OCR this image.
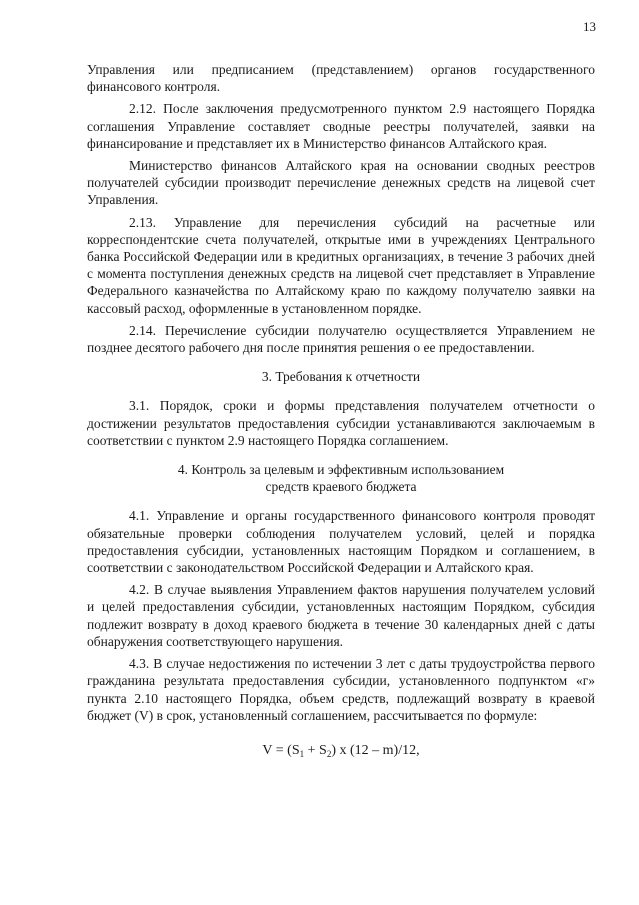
13

Управления или предписанием (представлением) органов государственного финансового контроля.

2.12. После заключения предусмотренного пунктом 2.9 настоящего Порядка соглашения Управление составляет сводные реестры получателей, заявки на финансирование и представляет их в Министерство финансов Алтайского края.

Министерство финансов Алтайского края на основании сводных реестров получателей субсидии производит перечисление денежных средств на лицевой счет Управления.

2.13. Управление для перечисления субсидий на расчетные или корреспондентские счета получателей, открытые ими в учреждениях Центрального банка Российской Федерации или в кредитных организациях, в течение 3 рабочих дней с момента поступления денежных средств на лицевой счет представляет в Управление Федерального казначейства по Алтайскому краю по каждому получателю заявки на кассовый расход, оформленные в установленном порядке.

2.14. Перечисление субсидии получателю осуществляется Управлением не позднее десятого рабочего дня после принятия решения о ее предоставлении.

3. Требования к отчетности

3.1. Порядок, сроки и формы представления получателем отчетности о достижении результатов предоставления субсидии устанавливаются заключаемым в соответствии с пунктом 2.9 настоящего Порядка соглашением.

4. Контроль за целевым и эффективным использованием
средств краевого бюджета

4.1. Управление и органы государственного финансового контроля проводят обязательные проверки соблюдения получателем условий, целей и порядка предоставления субсидии, установленных настоящим Порядком и соглашением, в соответствии с законодательством Российской Федерации и Алтайского края.

4.2. В случае выявления Управлением фактов нарушения получателем условий и целей предоставления субсидии, установленных настоящим Порядком, субсидия подлежит возврату в доход краевого бюджета в течение 30 календарных дней с даты обнаружения соответствующего нарушения.

4.3. В случае недостижения по истечении 3 лет с даты трудоустройства первого гражданина результата предоставления субсидии, установленного подпунктом «г» пункта 2.10 настоящего Порядка, объем средств, подлежащий возврату в краевой бюджет (V) в срок, установленный соглашением, рассчитывается по формуле:

$V = (S_1 + S_2)$ x (12 – m)/12,
